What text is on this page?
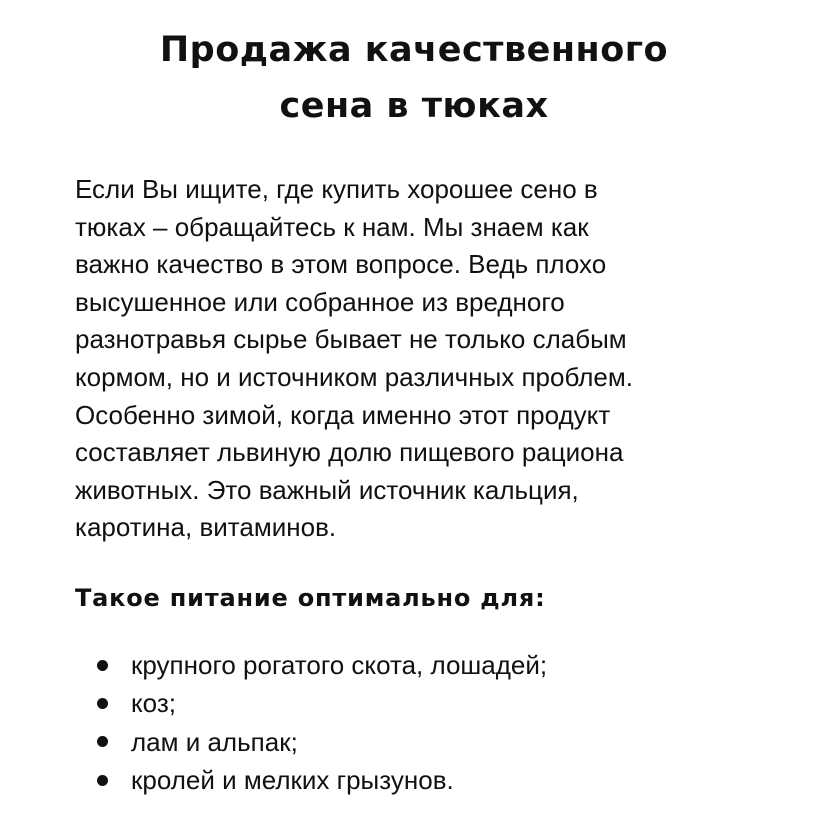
Продажа качественного
сена в тюках

Если Вы ищите, где купить хорошее сено в
тюках – обращайтесь к нам. Мы знаем как
важно качество в этом вопросе. Ведь плохо
высушенное или собранное из вредного
разнотравья сырье бывает не только слабым
кормом, но и источником различных проблем.
Особенно зимой, когда именно этот продукт
составляет львиную долю пищевого рациона
животных. Это важный источник кальция,
каротина, витаминов.

Такое питание оптимально для:
крупного рогатого скота, лошадей;
коз;
лам и альпак;
кролей и мелких грызунов.
